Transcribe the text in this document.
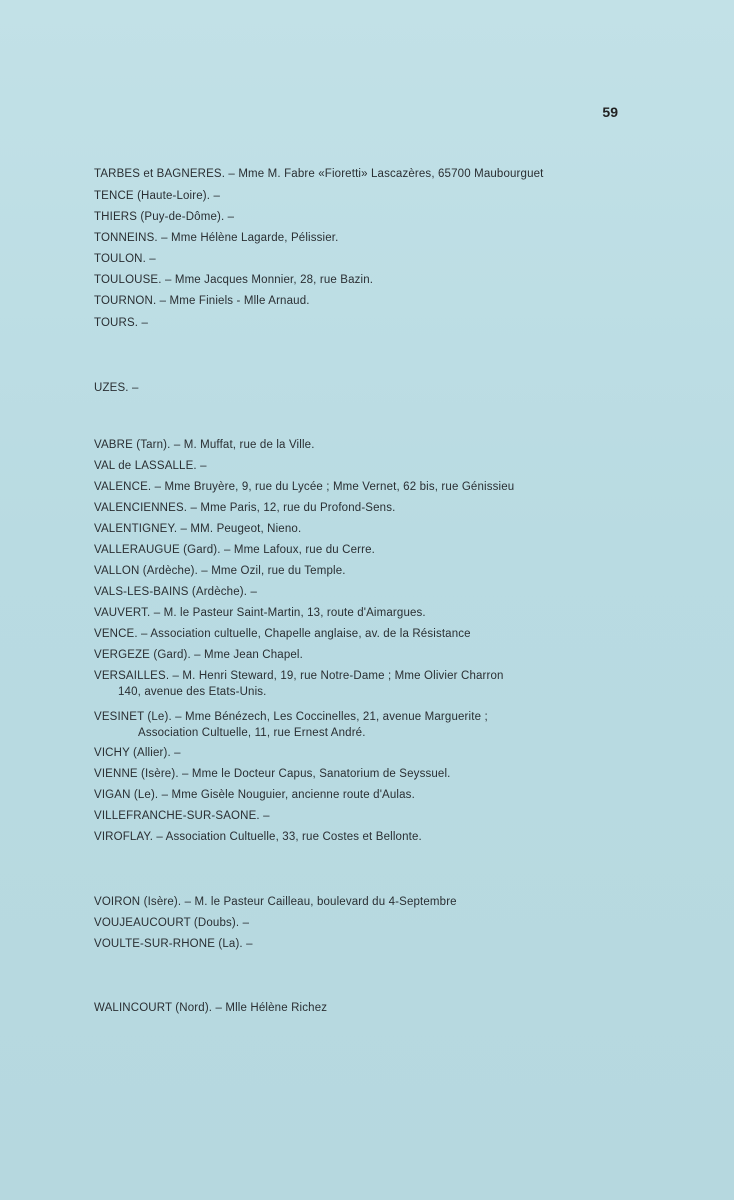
59
TARBES et BAGNERES. – Mme M. Fabre «Fioretti» Lascazères, 65700 Maubourguet
TENCE (Haute-Loire). –
THIERS (Puy-de-Dôme). –
TONNEINS. – Mme Hélène Lagarde, Pélissier.
TOULON. –
TOULOUSE. – Mme Jacques Monnier, 28, rue Bazin.
TOURNON. – Mme Finiels - Mlle Arnaud.
TOURS. –
UZES. –
VABRE (Tarn). – M. Muffat, rue de la Ville.
VAL de LASSALLE. –
VALENCE. – Mme Bruyère, 9, rue du Lycée ; Mme Vernet, 62 bis, rue Génissieu
VALENCIENNES. – Mme Paris, 12, rue du Profond-Sens.
VALENTIGNEY. – MM. Peugeot, Nieno.
VALLERAUGUE (Gard). – Mme Lafoux, rue du Cerre.
VALLON (Ardèche). – Mme Ozil, rue du Temple.
VALS-LES-BAINS (Ardèche). –
VAUVERT. – M. le Pasteur Saint-Martin, 13, route d'Aimargues.
VENCE. – Association cultuelle, Chapelle anglaise, av. de la Résistance
VERGEZE (Gard). – Mme Jean Chapel.
VERSAILLES. – M. Henri Steward, 19, rue Notre-Dame ; Mme Olivier Charron
140, avenue des Etats-Unis.
VESINET (Le). – Mme Bénézech, Les Coccinelles, 21, avenue Marguerite ;
Association Cultuelle, 11, rue Ernest André.
VICHY (Allier). –
VIENNE (Isère). – Mme le Docteur Capus, Sanatorium de Seyssuel.
VIGAN (Le). – Mme Gisèle Nouguier, ancienne route d'Aulas.
VILLEFRANCHE-SUR-SAONE. –
VIROFLAY. – Association Cultuelle, 33, rue Costes et Bellonte.
VOIRON (Isère). – M. le Pasteur Cailleau, boulevard du 4-Septembre
VOUJEAUCOURT (Doubs). –
VOULTE-SUR-RHONE (La). –
WALINCOURT (Nord). – Mlle Hélène Richez
